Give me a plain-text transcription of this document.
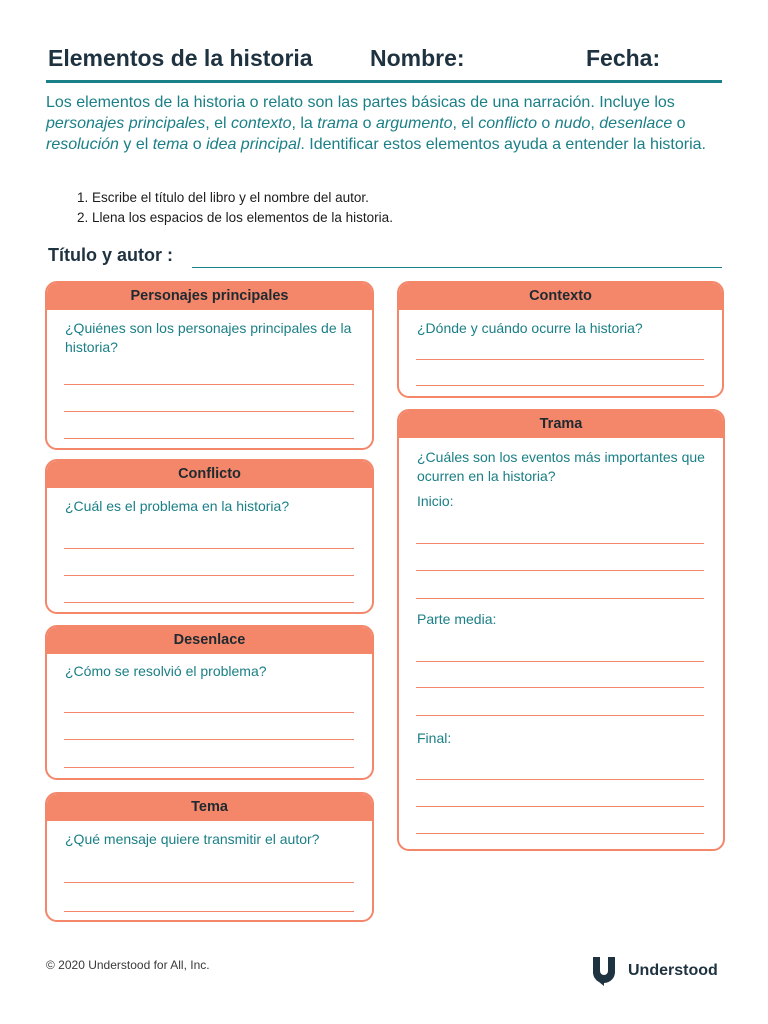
Elementos de la historia Nombre:	Fecha:

Los elementos de la historia o relato son las partes básicas de una narración. Incluye los personajes principales, el contexto, la trama o argumento, el conflicto o nudo, desenlace o resolución y el tema o idea principal. Identificar estos elementos ayuda a entender la historia.

1. Escribe el título del libro y el nombre del autor.
2. Llena los espacios de los elementos de la historia.
Título y autor :
Personajes principales
¿Quiénes son los personajes principales de la historia?
Contexto
¿Dónde y cuándo ocurre la historia?
Conflicto
¿Cuál es el problema en la historia?
Trama
¿Cuáles son los eventos más importantes que ocurren en la historia?
Inicio:
Parte media:
Final:
Desenlace
¿Cómo se resolvió el problema?
Tema
¿Qué mensaje quiere transmitir el autor?
© 2020 Understood for All, Inc.	Understood
